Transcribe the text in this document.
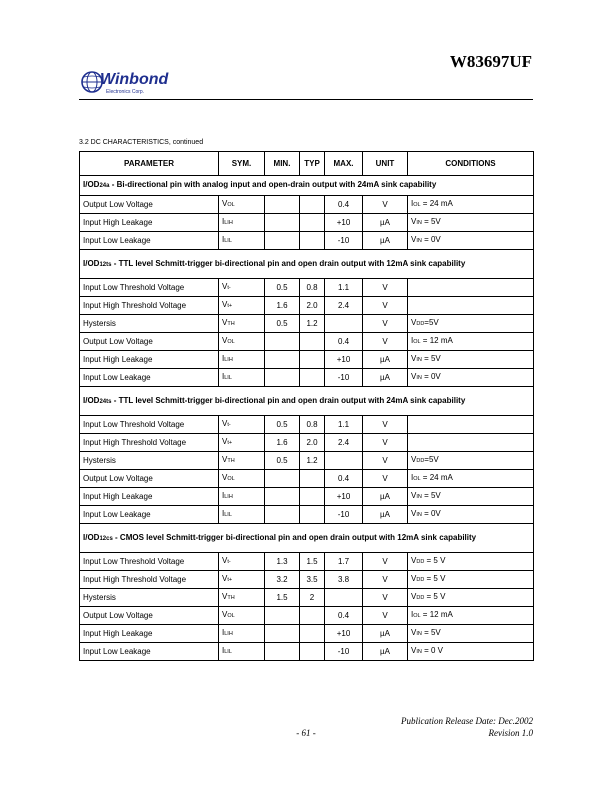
W83697UF
Winbond
Electronics Corp.
3.2 DC CHARACTERISTICS, continued
PARAMETER	SYM.	MIN.	TYP	MAX.	UNIT	CONDITIONS
I/OD24a - Bi-directional pin with analog input and open-drain output with 24mA sink capability						
Output Low Voltage	VOL			0.4	V	IOL = 24 mA
Input High Leakage	ILIH			+10	µA	VIN = 5V
Input Low Leakage	ILIL			-10	µA	VIN = 0V
I/OD12ts - TTL level Schmitt-trigger bi-directional pin and open drain output with 12mA sink capability						
Input Low Threshold Voltage	Vt-	0.5	0.8	1.1	V	
Input High Threshold Voltage	Vt+	1.6	2.0	2.4	V	
Hystersis	VTH	0.5	1.2		V	VDD=5V
Output Low Voltage	VOL			0.4	V	IOL = 12 mA
Input High Leakage	ILIH			+10	µA	VIN = 5V
Input Low Leakage	ILIL			-10	µA	VIN = 0V
I/OD24ts - TTL level Schmitt-trigger bi-directional pin and open drain output with 24mA sink capability						
Input Low Threshold Voltage	Vt-	0.5	0.8	1.1	V	
Input High Threshold Voltage	Vt+	1.6	2.0	2.4	V	
Hystersis	VTH	0.5	1.2		V	VDD=5V
Output Low Voltage	VOL			0.4	V	IOL = 24 mA
Input High Leakage	ILIH			+10	µA	VIN = 5V
Input Low Leakage	ILIL			-10	µA	VIN = 0V
I/OD12cs - CMOS level Schmitt-trigger bi-directional pin and open drain output with 12mA sink capability						
Input Low Threshold Voltage	Vt-	1.3	1.5	1.7	V	VDD = 5 V
Input High Threshold Voltage	Vt+	3.2	3.5	3.8	V	VDD = 5 V
Hystersis	VTH	1.5	2		V	VDD = 5 V
Output Low Voltage	VOL			0.4	V	IOL = 12 mA
Input High Leakage	ILIH			+10	µA	VIN = 5V
Input Low Leakage	ILIL			-10	µA	VIN = 0 V
Publication Release Date: Dec.2002
- 61 -	Revision 1.0
